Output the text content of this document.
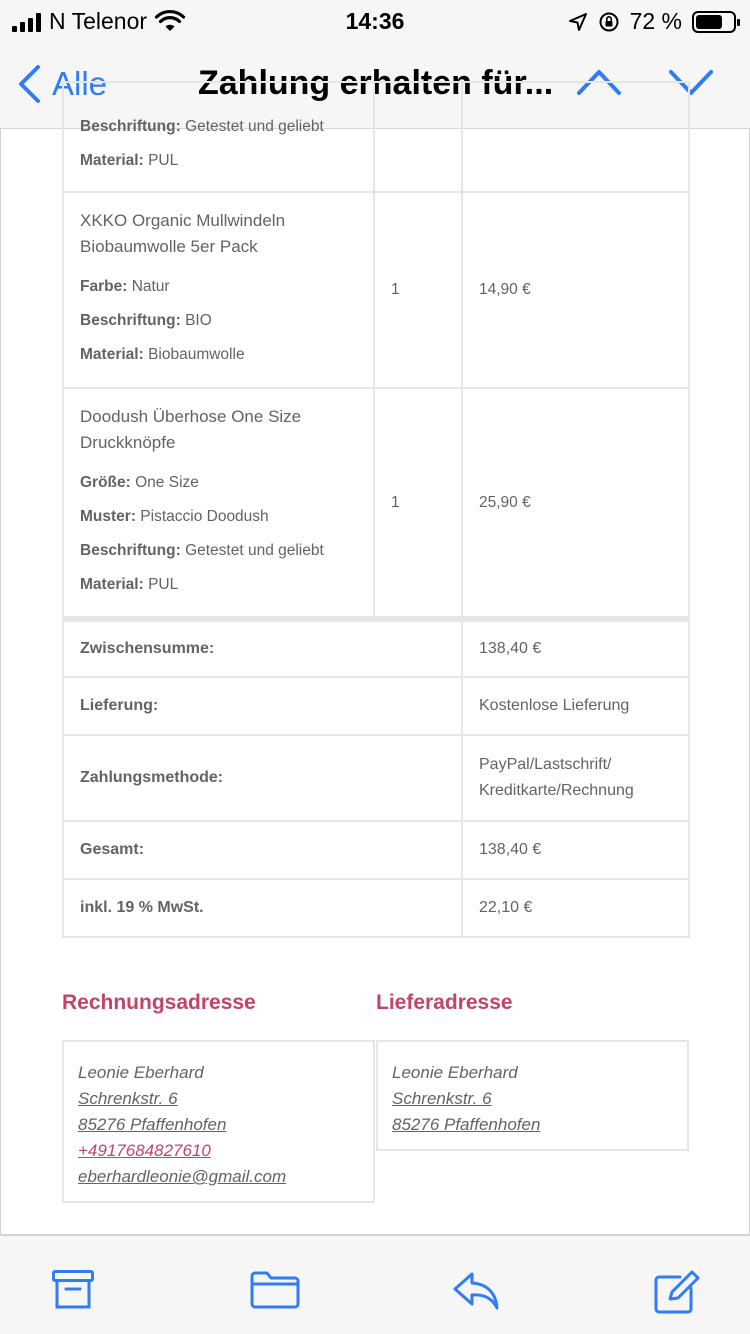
N Telenor	14:36	72 %
Alle	Zahlung erhalten für...
Beschriftung: Getestet und geliebt
Material: PUL		

XKKO Organic Mullwindeln Biobaumwolle 5er Pack
Farbe: Natur
Beschriftung: BIO
Material: Biobaumwolle	1	14,90 €

Doodush Überhose One Size Druckknöpfe
Größe: One Size
Muster: Pistaccio Doodush
Beschriftung: Getestet und geliebt
Material: PUL	1	25,90 €
Zwischensumme:	138,40 €
Lieferung:	Kostenlose Lieferung
Zahlungsmethode:	PayPal/Lastschrift/ Kreditkarte/Rechnung
Gesamt:	138,40 €
inkl. 19 % MwSt.	22,10 €
Rechnungsadresse	Lieferadresse
Leonie Eberhard
Schrenkstr. 6
85276 Pfaffenhofen
+4917684827610
eberhardleonie@gmail.com
Leonie Eberhard
Schrenkstr. 6
85276 Pfaffenhofen
